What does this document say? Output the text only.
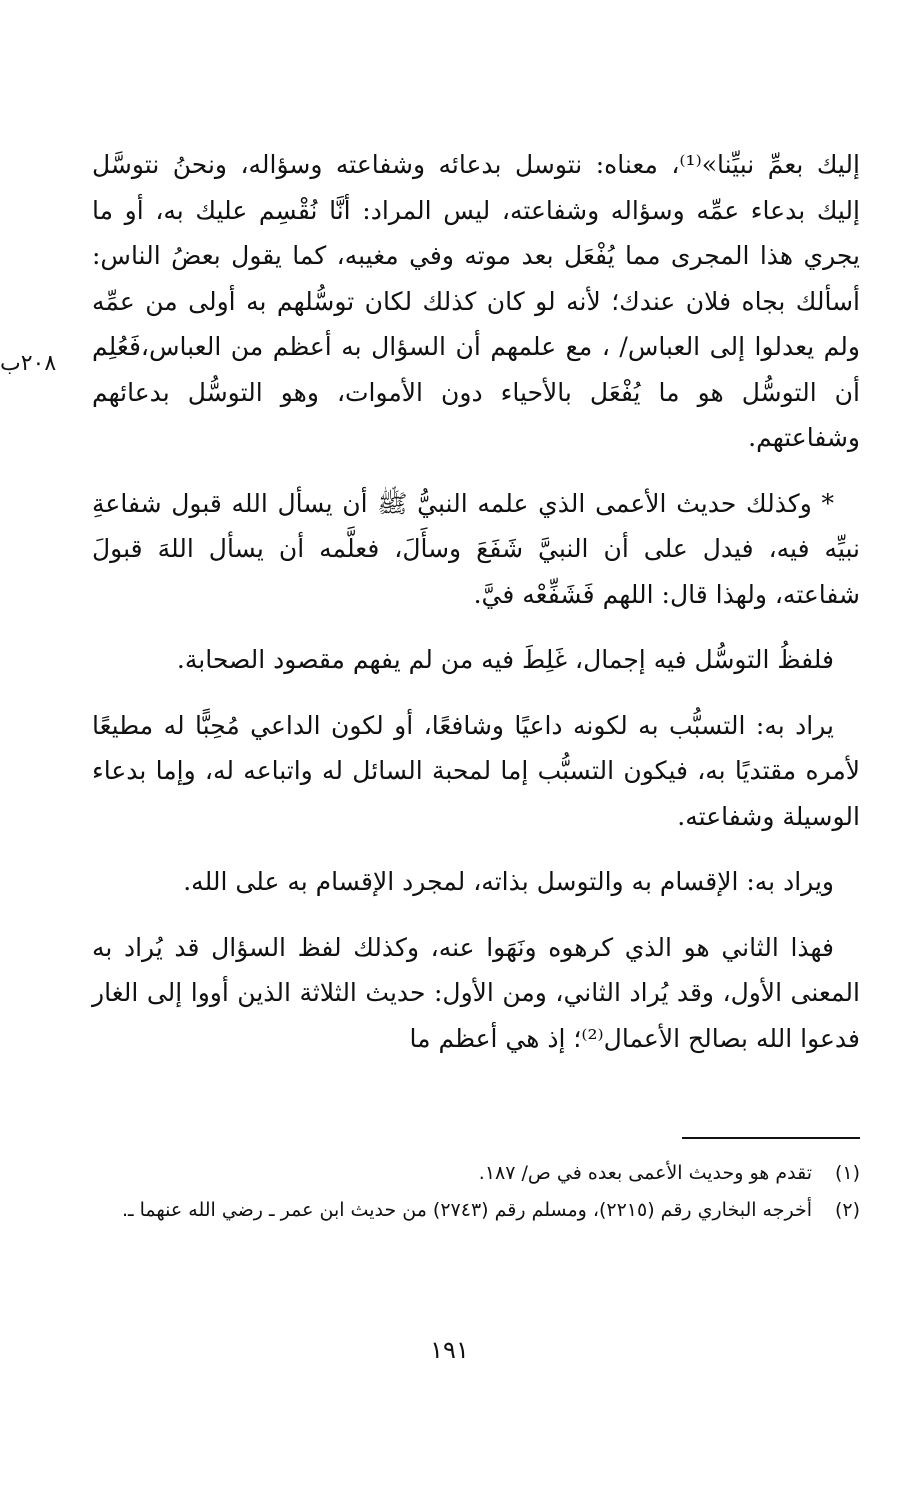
٢٠٨ب

إليك بعمِّ نبيِّنا»⁽¹⁾، معناه: نتوسل بدعائه وشفاعته وسؤاله، ونحنُ نتوسَّل إليك بدعاء عمِّه وسؤاله وشفاعته، ليس المراد: أنَّا نُقْسِم عليك به، أو ما يجري هذا المجرى مما يُفْعَل بعد موته وفي مغيبه، كما يقول بعضُ الناس: أسألك بجاه فلان عندك؛ لأنه لو كان كذلك لكان توسُّلهم به أولى من عمِّه ولم يعدلوا إلى العباس/ ، مع علمهم أن السؤال به أعظم من العباس،فَعُلِم أن التوسُّل هو ما يُفْعَل بالأحياء دون الأموات، وهو التوسُّل بدعائهم وشفاعتهم.

* وكذلك حديث الأعمى الذي علمه النبيُّ ﷺ أن يسأل الله قبول شفاعةِ نبيِّه فيه، فيدل على أن النبيَّ شَفَعَ وسأَلَ، فعلَّمه أن يسأل اللهَ قبولَ شفاعته، ولهذا قال: اللهم فَشَفِّعْه فيَّ.

فلفظُ التوسُّل فيه إجمال، غَلِطَ فيه من لم يفهم مقصود الصحابة.

يراد به: التسبُّب به لكونه داعيًا وشافعًا، أو لكون الداعي مُحِبًّا له مطيعًا لأمره مقتديًا به، فيكون التسبُّب إما لمحبة السائل له واتباعه له، وإما بدعاء الوسيلة وشفاعته.

ويراد به: الإقسام به والتوسل بذاته، لمجرد الإقسام به على الله.

فهذا الثاني هو الذي كرهوه ونَهَوا عنه، وكذلك لفظ السؤال قد يُراد به المعنى الأول، وقد يُراد الثاني، ومن الأول: حديث الثلاثة الذين أووا إلى الغار فدعوا الله بصالح الأعمال⁽²⁾؛ إذ هي أعظم ما

(١)
تقدم هو وحديث الأعمى بعده في ص/ ١٨٧.
(٢)
أخرجه البخاري رقم (٢٢١٥)، ومسلم رقم (٢٧٤٣) من حديث ابن عمر ـ رضي الله عنهما ـ.
١٩١
